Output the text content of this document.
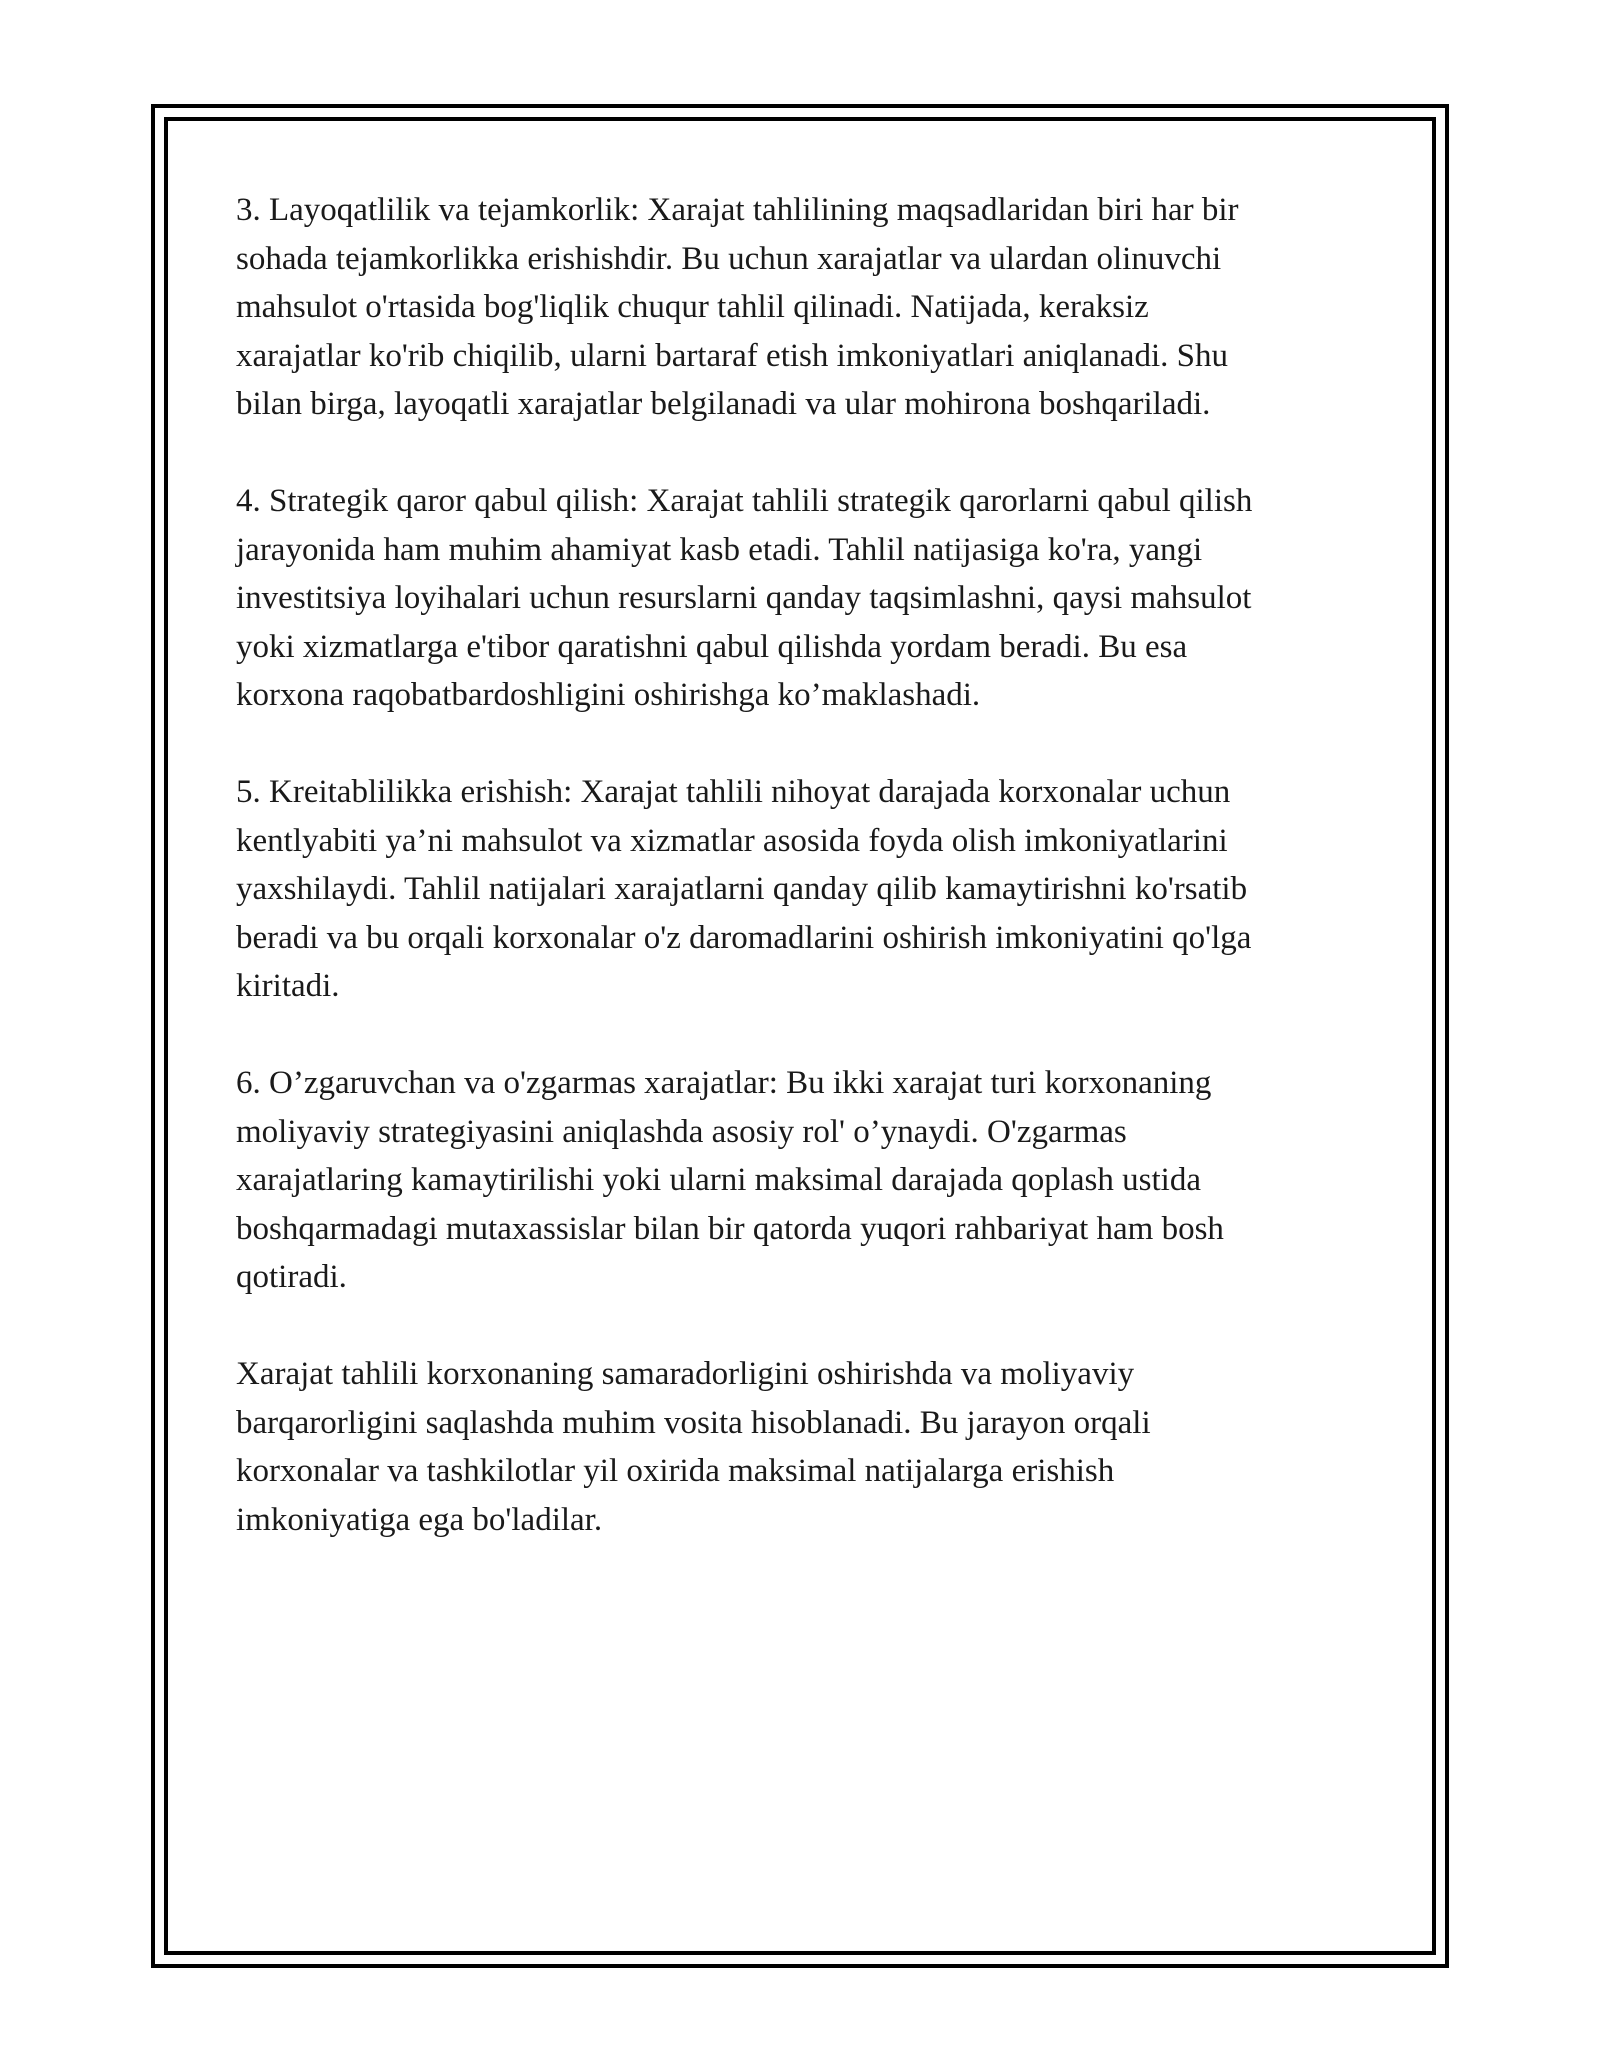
3. Layoqatlilik va tejamkorlik: Xarajat tahlilining maqsadlaridan biri har bir
sohada tejamkorlikka erishishdir. Bu uchun xarajatlar va ulardan olinuvchi
mahsulot o'rtasida bog'liqlik chuqur tahlil qilinadi. Natijada, keraksiz
xarajatlar ko'rib chiqilib, ularni bartaraf etish imkoniyatlari aniqlanadi. Shu
bilan birga, layoqatli xarajatlar belgilanadi va ular mohirona boshqariladi.

4. Strategik qaror qabul qilish: Xarajat tahlili strategik qarorlarni qabul qilish
jarayonida ham muhim ahamiyat kasb etadi. Tahlil natijasiga ko'ra, yangi
investitsiya loyihalari uchun resurslarni qanday taqsimlashni, qaysi mahsulot
yoki xizmatlarga e'tibor qaratishni qabul qilishda yordam beradi. Bu esa
korxona raqobatbardoshligini oshirishga ko’maklashadi.

5. Kreitablilikka erishish: Xarajat tahlili nihoyat darajada korxonalar uchun
kentlyabiti ya’ni mahsulot va xizmatlar asosida foyda olish imkoniyatlarini
yaxshilaydi. Tahlil natijalari xarajatlarni qanday qilib kamaytirishni ko'rsatib
beradi va bu orqali korxonalar o'z daromadlarini oshirish imkoniyatini qo'lga
kiritadi.

6. O’zgaruvchan va o'zgarmas xarajatlar: Bu ikki xarajat turi korxonaning
moliyaviy strategiyasini aniqlashda asosiy rol' o’ynaydi. O'zgarmas
xarajatlaring kamaytirilishi yoki ularni maksimal darajada qoplash ustida
boshqarmadagi mutaxassislar bilan bir qatorda yuqori rahbariyat ham bosh
qotiradi.

Xarajat tahlili korxonaning samaradorligini oshirishda va moliyaviy
barqarorligini saqlashda muhim vosita hisoblanadi. Bu jarayon orqali
korxonalar va tashkilotlar yil oxirida maksimal natijalarga erishish
imkoniyatiga ega bo'ladilar.
